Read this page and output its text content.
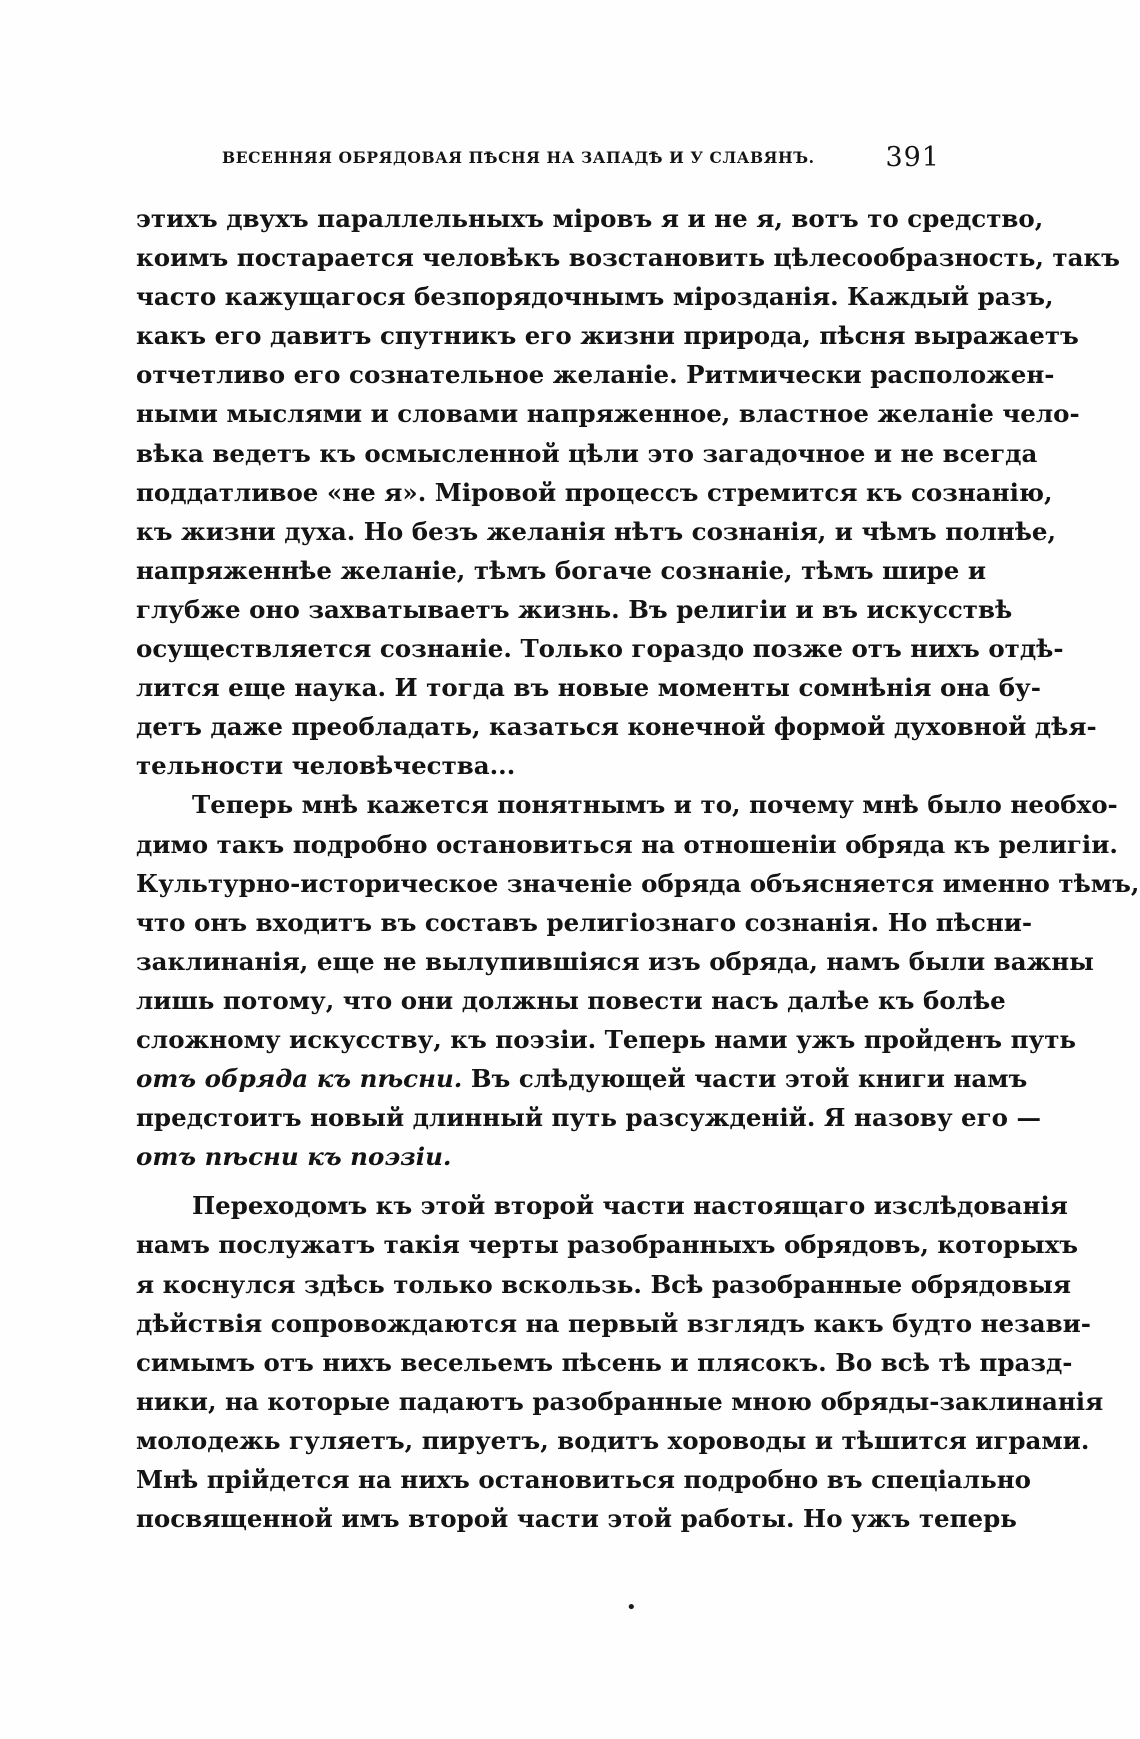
ВЕСЕННЯЯ ОБРЯДОВАЯ ПѢСНЯ НА ЗАПАДѢ И У СЛАВЯНЪ.	391
этихъ двухъ параллельныхъ міровъ я и не я, вотъ то средство,
коимъ постарается человѣкъ возстановить цѣлесообразность, такъ
часто кажущагося безпорядочнымъ мірозданія. Каждый разъ,
какъ его давитъ спутникъ его жизни природа, пѣсня выражаетъ
отчетливо его сознательное желаніе. Ритмически расположен-
ными мыслями и словами напряженное, властное желаніе чело-
вѣка ведетъ къ осмысленной цѣли это загадочное и не всегда
поддатливое «не я». Міровой процессъ стремится къ сознанію,
къ жизни духа. Но безъ желанія нѣтъ сознанія, и чѣмъ полнѣе,
напряженнѣе желаніе, тѣмъ богаче сознаніе, тѣмъ шире и
глубже оно захватываетъ жизнь. Въ религіи и въ искусствѣ
осуществляется сознаніе. Только гораздо позже отъ нихъ отдѣ-
лится еще наука. И тогда въ новые моменты сомнѣнія она бу-
детъ даже преобладать, казаться конечной формой духовной дѣя-
тельности человѣчества...
Теперь мнѣ кажется понятнымъ и то, почему мнѣ было необхо-
димо такъ подробно остановиться на отношеніи обряда къ религіи.
Культурно-историческое значеніе обряда объясняется именно тѣмъ,
что онъ входитъ въ составъ религіознаго сознанія. Но пѣсни-
заклинанія, еще не вылупившіяся изъ обряда, намъ были важны
лишь потому, что они должны повести насъ далѣе къ болѣе
сложному искусству, къ поэзіи. Теперь нами ужъ пройденъ путь
отъ обряда къ пѣсни. Въ слѣдующей части этой книги намъ
предстоитъ новый длинный путь разсужденій. Я назову его —
отъ пѣсни къ поэзіи.
Переходомъ къ этой второй части настоящаго изслѣдованія
намъ послужатъ такія черты разобранныхъ обрядовъ, которыхъ
я коснулся здѣсь только вскользь. Всѣ разобранные обрядовыя
дѣйствія сопровождаются на первый взглядъ какъ будто незави-
симымъ отъ нихъ весельемъ пѣсень и плясокъ. Во всѣ тѣ празд-
ники, на которые падаютъ разобранные мною обряды-заклинанія
молодежь гуляетъ, пируетъ, водитъ хороводы и тѣшится играми.
Мнѣ прійдется на нихъ остановиться подробно въ спеціально
посвященной имъ второй части этой работы. Но ужъ теперь
•
